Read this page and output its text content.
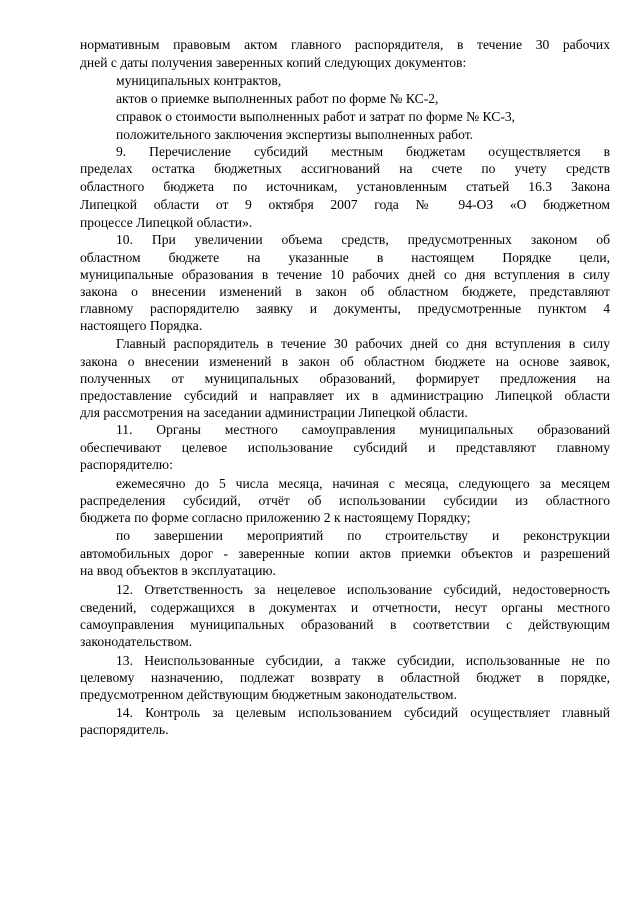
нормативным правовым актом главного распорядителя, в течение 30 рабочих
дней с даты получения заверенных копий следующих документов:
муниципальных контрактов,
актов о приемке выполненных работ по форме № КС-2,
справок о стоимости выполненных работ и затрат по форме № КС-3,
положительного заключения экспертизы выполненных работ.
9. Перечисление субсидий местным бюджетам осуществляется в
пределах остатка бюджетных ассигнований на счете по учету средств
областного бюджета по источникам, установленным статьей 16.3 Закона
Липецкой области от 9 октября 2007 года № 94-ОЗ «О бюджетном
процессе Липецкой области».
10. При увеличении объема средств, предусмотренных законом об
областном бюджете на указанные в настоящем Порядке цели,
муниципальные образования в течение 10 рабочих дней со дня вступления в силу
закона о внесении изменений в закон об областном бюджете, представляют
главному распорядителю заявку и документы, предусмотренные пунктом 4
настоящего Порядка.
Главный распорядитель в течение 30 рабочих дней со дня вступления в силу
закона о внесении изменений в закон об областном бюджете на основе заявок,
полученных от муниципальных образований, формирует предложения на
предоставление субсидий и направляет их в администрацию Липецкой области
для рассмотрения на заседании администрации Липецкой области.
11. Органы местного самоуправления муниципальных образований
обеспечивают целевое использование субсидий и представляют главному
распорядителю:
ежемесячно до 5 числа месяца, начиная с месяца, следующего за месяцем
распределения субсидий, отчёт об использовании субсидии из областного
бюджета по форме согласно приложению 2 к настоящему Порядку;
по завершении мероприятий по строительству и реконструкции
автомобильных дорог - заверенные копии актов приемки объектов и разрешений
на ввод объектов в эксплуатацию.
12. Ответственность за нецелевое использование субсидий, недостоверность
сведений, содержащихся в документах и отчетности, несут органы местного
самоуправления муниципальных образований в соответствии с действующим
законодательством.
13. Неиспользованные субсидии, а также субсидии, использованные не по
целевому назначению, подлежат возврату в областной бюджет в порядке,
предусмотренном действующим бюджетным законодательством.
14. Контроль за целевым использованием субсидий осуществляет главный
распорядитель.
